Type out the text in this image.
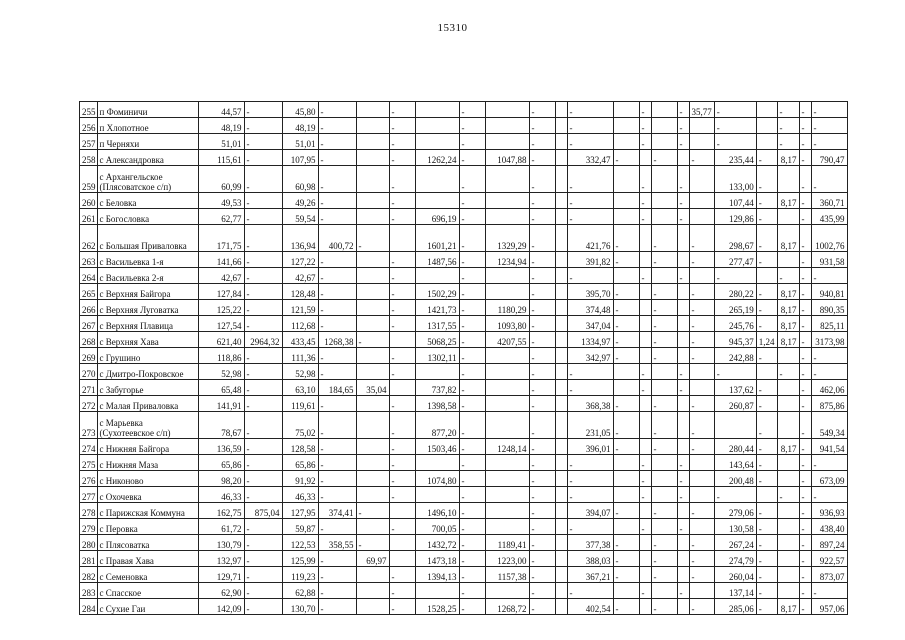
15310
255	п Фоминичи	44,57	-	45,80	-		-		-		-		-		-		-	35,77	-		-	-	-
256	п Хлопотное	48,19	-	48,19	-		-		-		-		-		-		-		-		-	-	-
257	п Черняхи	51,01	-	51,01	-		-		-		-		-		-		-		-		-	-	-
258	с Александровка	115,61	-	107,95	-		-	1262,24	-	1047,88	-		332,47	-		-		-	235,44	-	8,17	-	790,47
259	с Архангельское (Плясоватское с/п)	60,99	-	60,98	-		-		-		-		-		-		-		133,00	-		-	-
260	с Беловка	49,53	-	49,26	-		-		-		-		-		-		-		107,44	-	8,17	-	360,71
261	с Богословка	62,77	-	59,54	-		-	696,19	-		-		-		-		-		129,86	-		-	435,99
262	с Большая Приваловка	171,75	-	136,94	400,72	-		1601,21	-	1329,29	-		421,76	-		-		-	298,67	-	8,17	-	1002,76
263	с Васильевка 1-я	141,66	-	127,22	-		-	1487,56	-	1234,94	-		391,82	-		-		-	277,47	-		-	931,58
264	с Васильевка 2-я	42,67	-	42,67	-		-		-		-		-		-		-		-		-	-	-
265	с Верхняя Байгора	127,84	-	128,48	-		-	1502,29	-		-		395,70	-		-		-	280,22	-	8,17	-	940,81
266	с Верхняя Луговатка	125,22	-	121,59	-		-	1421,73	-	1180,29	-		374,48	-		-		-	265,19	-	8,17	-	890,35
267	с Верхняя Плавица	127,54	-	112,68	-		-	1317,55	-	1093,80	-		347,04	-		-		-	245,76	-	8,17	-	825,11
268	с Верхняя Хава	621,40	2964,32	433,45	1268,38	-		5068,25	-	4207,55	-		1334,97	-		-		-	945,37	1,24	8,17	-	3173,98
269	с Грушино	118,86	-	111,36	-		-	1302,11	-		-		342,97	-		-		-	242,88	-		-	-
270	с Дмитро-Покровское	52,98	-	52,98	-		-		-		-		-		-		-		-		-	-	-
271	с Забугорье	65,48	-	63,10	184,65	35,04		737,82	-		-		-		-		-		137,62	-		-	462,06
272	с Малая Приваловка	141,91	-	119,61	-		-	1398,58	-		-		368,38	-		-		-	260,87	-		-	875,86
273	с Марьевка (Сухотеевское с/п)	78,67	-	75,02	-		-	877,20	-		-		231,05	-		-		-		-		-	549,34
274	с Нижняя Байгора	136,59	-	128,58	-		-	1503,46	-	1248,14	-		396,01	-		-		-	280,44	-	8,17	-	941,54
275	с Нижняя Маза	65,86	-	65,86	-		-		-		-		-		-		-		143,64	-		-	-
276	с Никоново	98,20	-	91,92	-		-	1074,80	-		-		-		-		-		200,48	-		-	673,09
277	с Охочевка	46,33	-	46,33	-		-		-		-		-		-		-		-		-	-	-
278	с Парижская Коммуна	162,75	875,04	127,95	374,41	-		1496,10	-		-		394,07	-		-		-	279,06	-		-	936,93
279	с Перовка	61,72	-	59,87	-		-	700,05	-		-		-		-		-		130,58	-		-	438,40
280	с Плясоватка	130,79	-	122,53	358,55	-		1432,72	-	1189,41	-		377,38	-		-		-	267,24	-		-	897,24
281	с Правая Хава	132,97	-	125,99	-	69,97		1473,18	-	1223,00	-		388,03	-		-		-	274,79	-		-	922,57
282	с Семеновка	129,71	-	119,23	-		-	1394,13	-	1157,38	-		367,21	-		-		-	260,04	-		-	873,07
283	с Спасское	62,90	-	62,88	-		-		-		-		-		-		-		137,14	-		-	-
284	с Сухие Гаи	142,09	-	130,70	-		-	1528,25	-	1268,72	-		402,54	-		-		-	285,06	-	8,17	-	957,06
